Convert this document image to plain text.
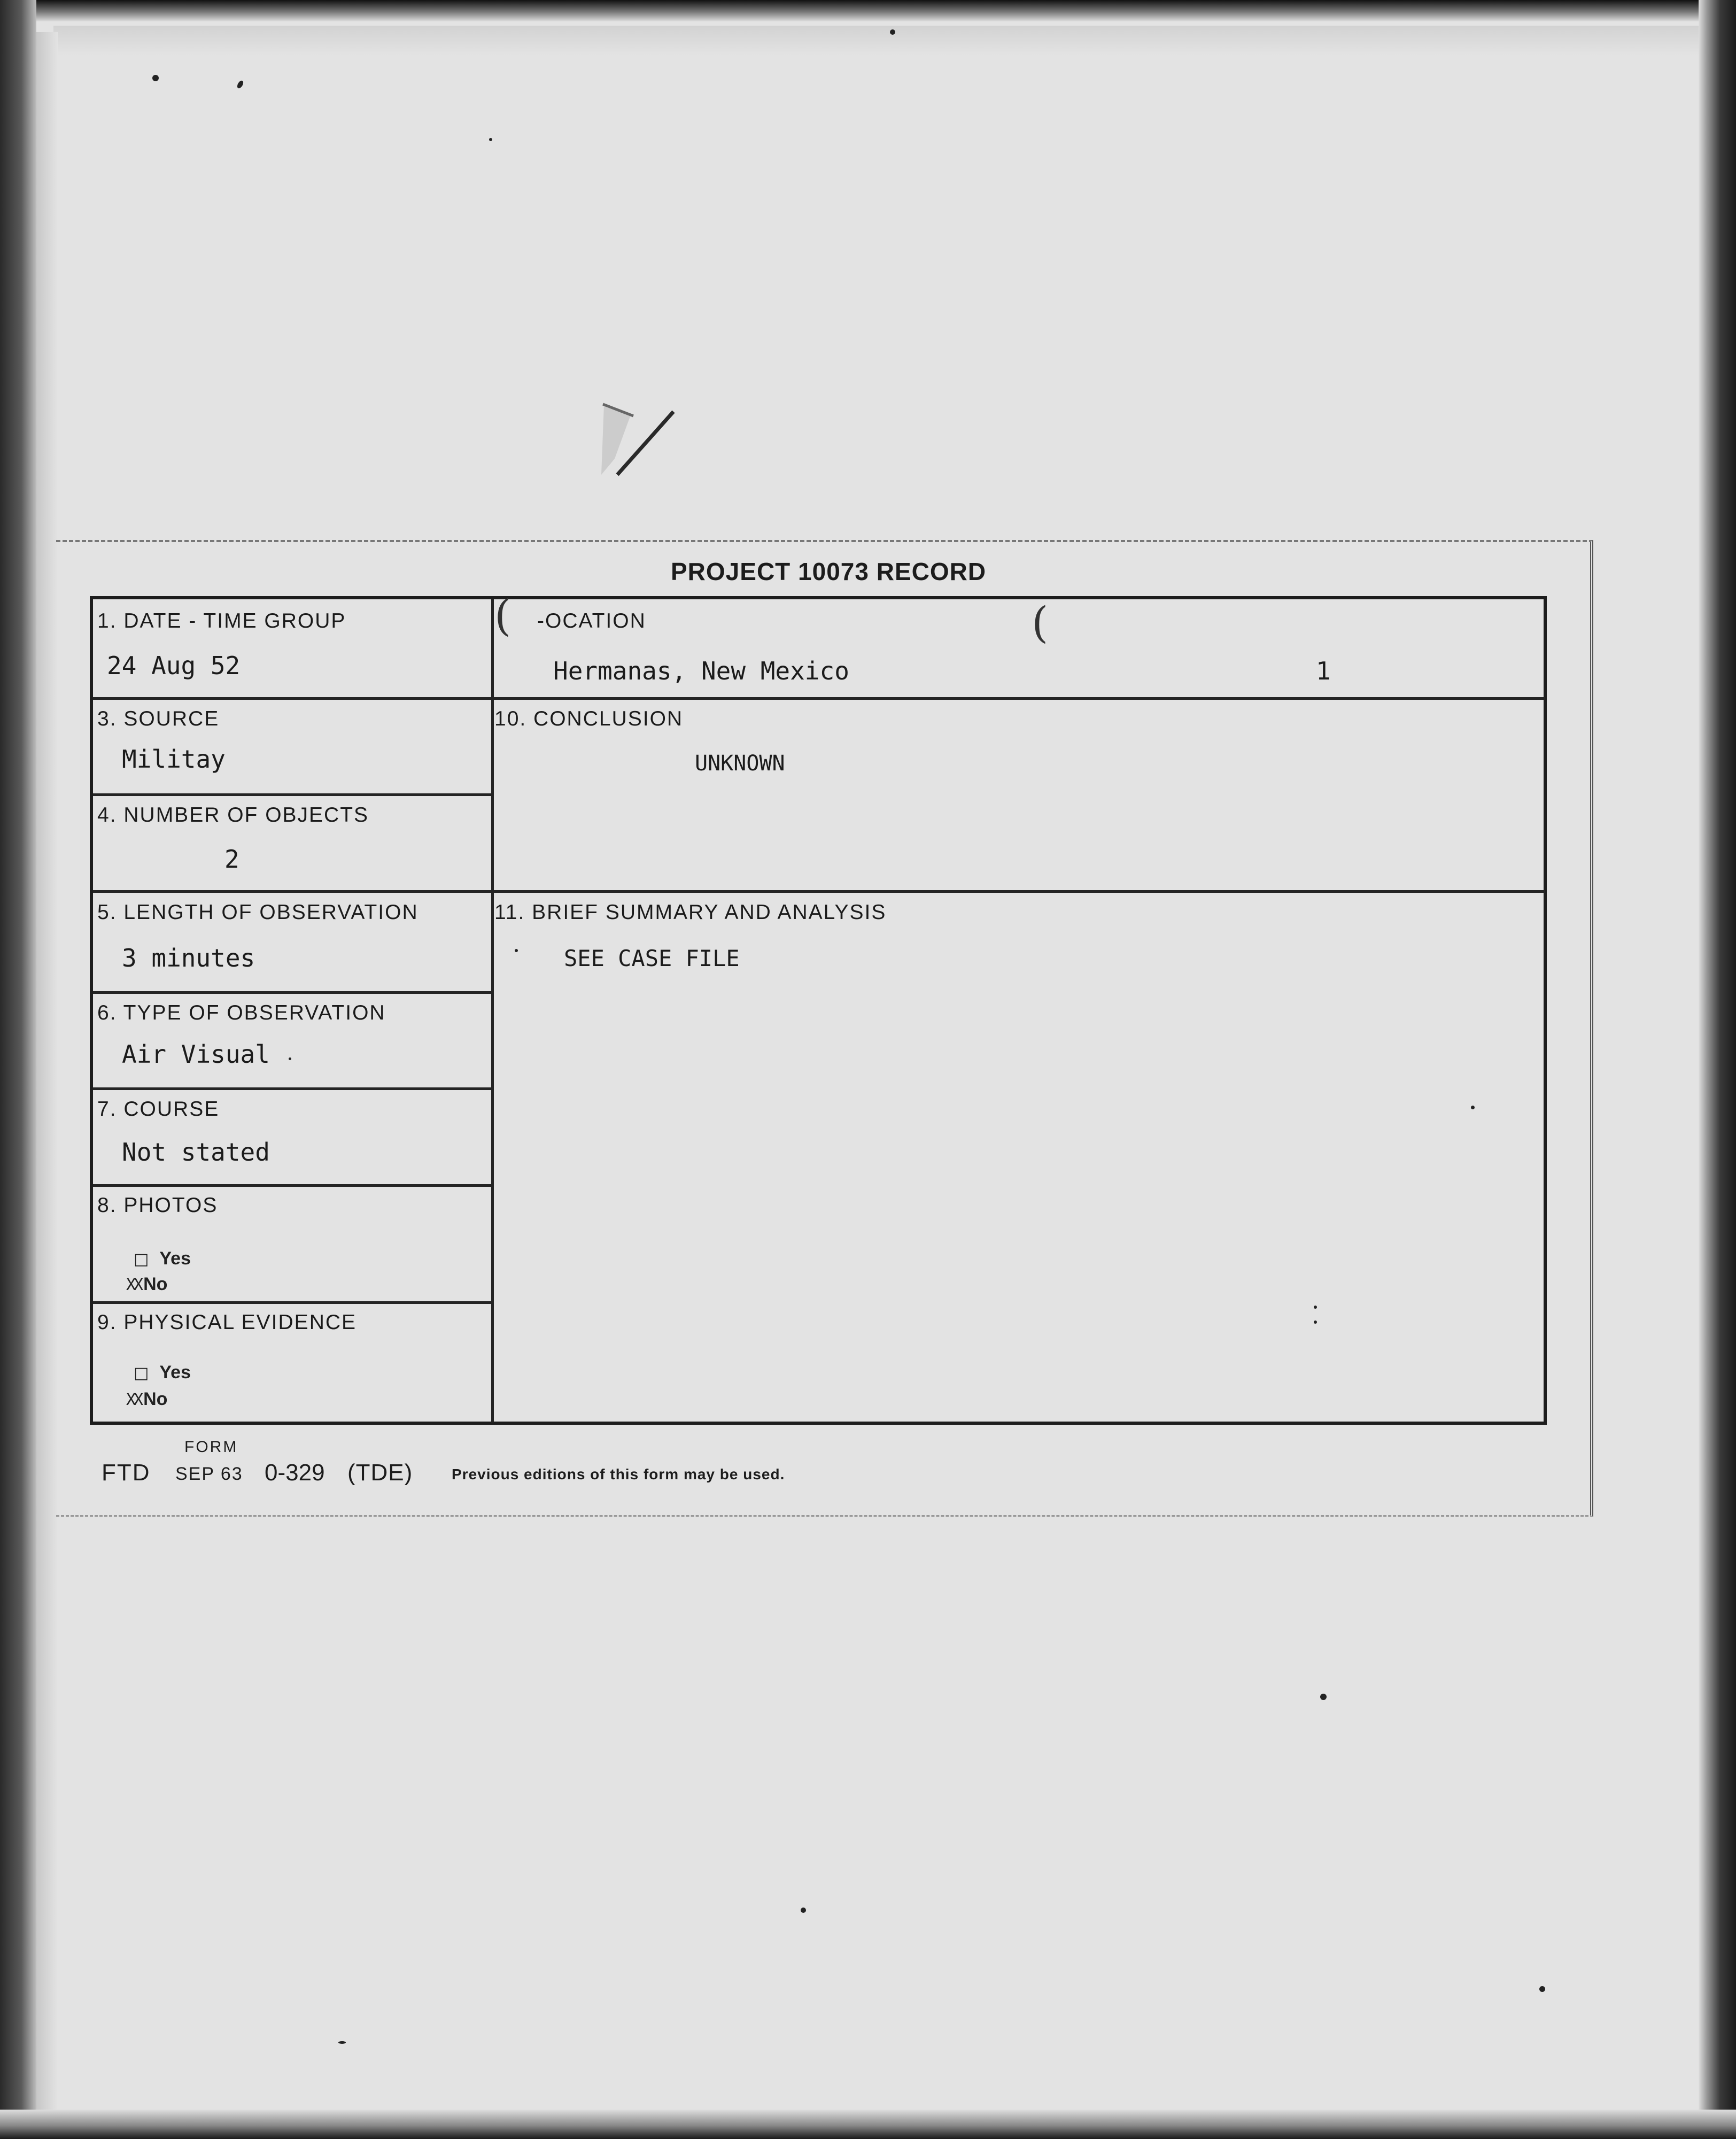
PROJECT 10073 RECORD
1. DATE - TIME GROUP
24 Aug 52
( -OCATION	(
Hermanas, New Mexico	1
3. SOURCE
Militay
10. CONCLUSION
UNKNOWN
4. NUMBER OF OBJECTS
2
5. LENGTH OF OBSERVATION
3 minutes
11. BRIEF SUMMARY AND ANALYSIS
SEE CASE FILE
6. TYPE OF OBSERVATION
Air Visual
7. COURSE
Not stated
8. PHOTOS
□ Yes
XX No
9. PHYSICAL EVIDENCE
□ Yes
XX No
FORM
FTD SEP 63 0-329 (TDE)	Previous editions of this form may be used.
